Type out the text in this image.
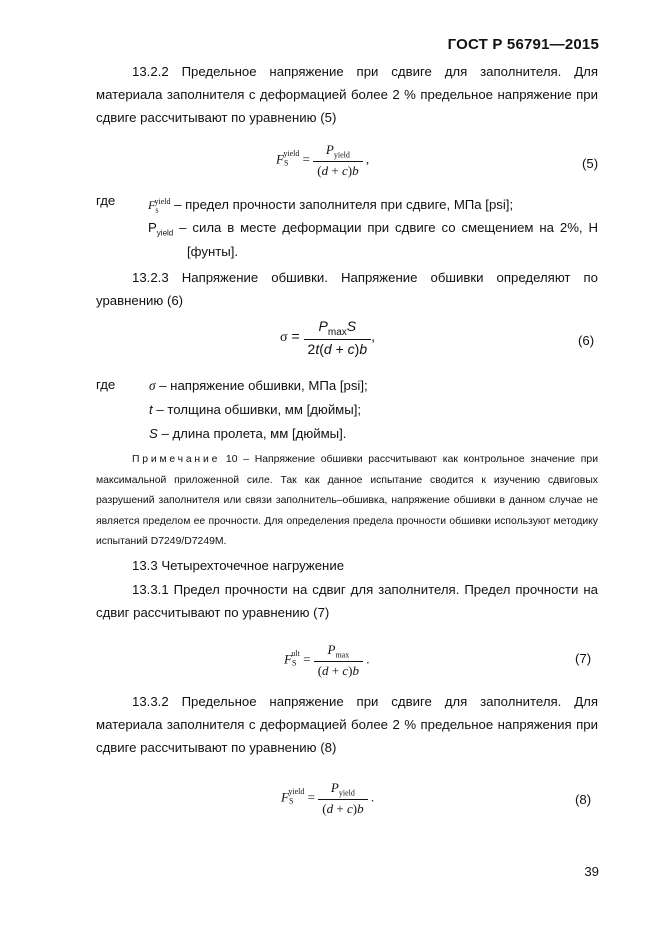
ГОСТ Р 56791—2015
13.2.2 Предельное напряжение при сдвиге для заполнителя. Для материала заполнителя с деформацией более 2 % предельное напряжение при сдвиге рассчитывают по уравнению (5)
$F_S^{yield} = \frac{P_{yield}}{(d + c)b}$ ,	(5)
где	$F_s^{yield}$ – предел прочности заполнителя при сдвиге, МПа [psi];
$P_{yield}$ – сила в месте деформации при сдвиге со смещением на 2%, Н
[фунты].
13.2.3 Напряжение обшивки. Напряжение обшивки определяют по уравнению (6)
$\sigma = \frac{P_{max}S}{2t(d + c)b}$ ,	(6)
где	σ – напряжение обшивки, МПа [psi];
t – толщина обшивки, мм [дюймы];
S – длина пролета, мм [дюймы].
Примечание 10 – Напряжение обшивки рассчитывают как контрольное значение при максимальной приложенной силе. Так как данное испытание сводится к изучению сдвиговых разрушений заполнителя или связи заполнитель–обшивка, напряжение обшивки в данном случае не является пределом ее прочности. Для определения предела прочности обшивки используют методику испытаний D7249/D7249M.
13.3 Четырехточечное нагружение
13.3.1 Предел прочности на сдвиг для заполнителя. Предел прочности на сдвиг рассчитывают по уравнению (7)
$F_S^{ult} = \frac{P_{max}}{(d + c)b}$ .	(7)
13.3.2 Предельное напряжение при сдвиге для заполнителя. Для материала заполнителя с деформацией более 2 % предельное напряжения при сдвиге рассчитывают по уравнению (8)
$F_S^{yield} = \frac{P_{yield}}{(d + c)b}$ .	(8)
39
